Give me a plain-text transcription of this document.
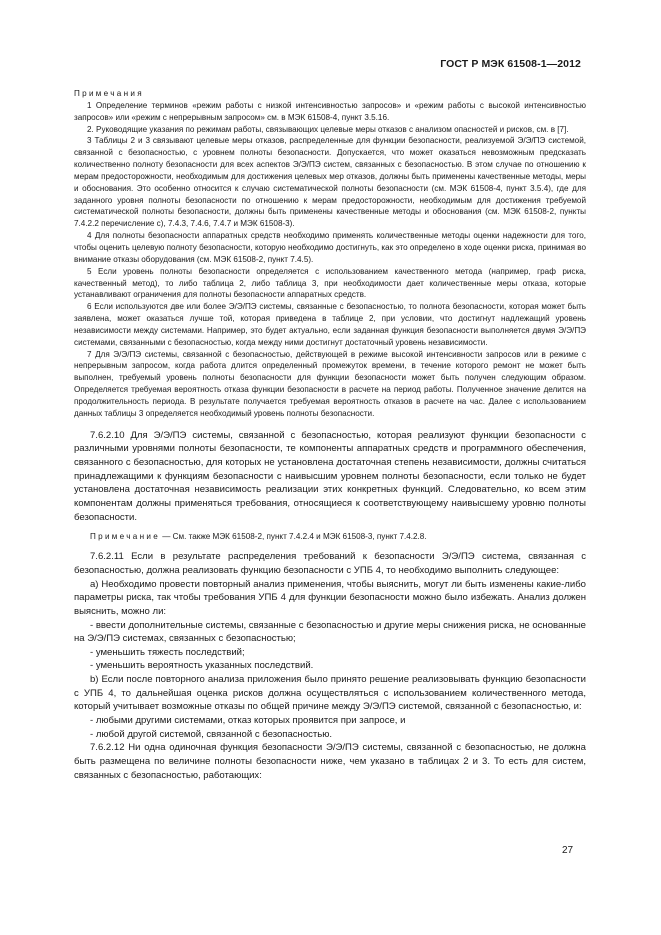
ГОСТ Р МЭК 61508-1—2012

Примечания

1 Определение терминов «режим работы с низкой интенсивностью запросов» и «режим работы с высокой интенсивностью запросов» или «режим с непрерывным запросом» см. в МЭК 61508-4, пункт 3.5.16.

2. Руководящие указания по режимам работы, связывающих целевые меры отказов с анализом опасностей и рисков, см. в [7].

3 Таблицы 2 и 3 связывают целевые меры отказов, распределенные для функции безопасности, реализуемой Э/Э/ПЭ системой, связанной с безопасностью, с уровнем полноты безопасности. Допускается, что может оказаться невозможным предсказать количественно полноту безопасности для всех аспектов Э/Э/ПЭ систем, связанных с безопасностью. В этом случае по отношению к мерам предосторожности, необходимым для достижения целевых мер отказов, должны быть применены качественные методы, меры и обоснования. Это особенно относится к случаю систематической полноты безопасности (см. МЭК 61508-4, пункт 3.5.4), где для заданного уровня полноты безопасности по отношению к мерам предосторожности, необходимым для достижения требуемой систематической полноты безопасности, должны быть применены качественные методы и обоснования (см. МЭК 61508-2, пункты 7.4.2.2 перечисление с), 7.4.3, 7.4.6, 7.4.7 и МЭК 61508-3).

4 Для полноты безопасности аппаратных средств необходимо применять количественные методы оценки надежности для того, чтобы оценить целевую полноту безопасности, которую необходимо достигнуть, как это определено в ходе оценки риска, принимая во внимание отказы оборудования (см. МЭК 61508-2, пункт 7.4.5).

5 Если уровень полноты безопасности определяется с использованием качественного метода (например, граф риска, качественный метод), то либо таблица 2, либо таблица 3, при необходимости дает количественные меры отказа, которые устанавливают ограничения для полноты безопасности аппаратных средств.

6 Если используются две или более Э/Э/ПЭ системы, связанные с безопасностью, то полнота безопасности, которая может быть заявлена, может оказаться лучше той, которая приведена в таблице 2, при условии, что достигнут надлежащий уровень независимости между системами. Например, это будет актуально, если заданная функция безопасности выполняется двумя Э/Э/ПЭ системами, связанными с безопасностью, когда между ними достигнут достаточный уровень независимости.

7 Для Э/Э/ПЭ системы, связанной с безопасностью, действующей в режиме высокой интенсивности запросов или в режиме с непрерывным запросом, когда работа длится определенный промежуток времени, в течение которого ремонт не может быть выполнен, требуемый уровень полноты безопасности для функции безопасности может быть получен следующим образом. Определяется требуемая вероятность отказа функции безопасности в расчете на период работы. Полученное значение делится на продолжительность периода. В результате получается требуемая вероятность отказов в расчете на час. Далее с использованием данных таблицы 3 определяется необходимый уровень полноты безопасности.

7.6.2.10 Для Э/Э/ПЭ системы, связанной с безопасностью, которая реализуют функции безопасности с различными уровнями полноты безопасности, те компоненты аппаратных средств и программного обеспечения, связанного с безопасностью, для которых не установлена достаточная степень независимости, должны считаться принадлежащими к функциям безопасности с наивысшим уровнем полноты безопасности, если только не будет установлена достаточная независимость реализации этих конкретных функций. Следовательно, ко всем этим компонентам должны применяться требования, относящиеся к соответствующему наивысшему уровню полноты безопасности.

Примечание — См. также МЭК 61508-2, пункт 7.4.2.4 и МЭК 61508-3, пункт 7.4.2.8.

7.6.2.11 Если в результате распределения требований к безопасности Э/Э/ПЭ система, связанная с безопасностью, должна реализовать функцию безопасности с УПБ 4, то необходимо выполнить следующее:

а) Необходимо провести повторный анализ применения, чтобы выяснить, могут ли быть изменены какие-либо параметры риска, так чтобы требования УПБ 4 для функции безопасности можно было избежать. Анализ должен выяснить, можно ли:

- ввести дополнительные системы, связанные с безопасностью и другие меры снижения риска, не основанные на Э/Э/ПЭ системах, связанных с безопасностью;

- уменьшить тяжесть последствий;

- уменьшить вероятность указанных последствий.

b) Если после повторного анализа приложения было принято решение реализовывать функцию безопасности с УПБ 4, то дальнейшая оценка рисков должна осуществляться с использованием количественного метода, который учитывает возможные отказы по общей причине между Э/Э/ПЭ системой, связанной с безопасностью, и:

- любыми другими системами, отказ которых проявится при запросе, и

- любой другой системой, связанной с безопасностью.

7.6.2.12 Ни одна одиночная функция безопасности Э/Э/ПЭ системы, связанной с безопасностью, не должна быть размещена по величине полноты безопасности ниже, чем указано в таблицах 2 и 3. То есть для систем, связанных с безопасностью, работающих:

27
